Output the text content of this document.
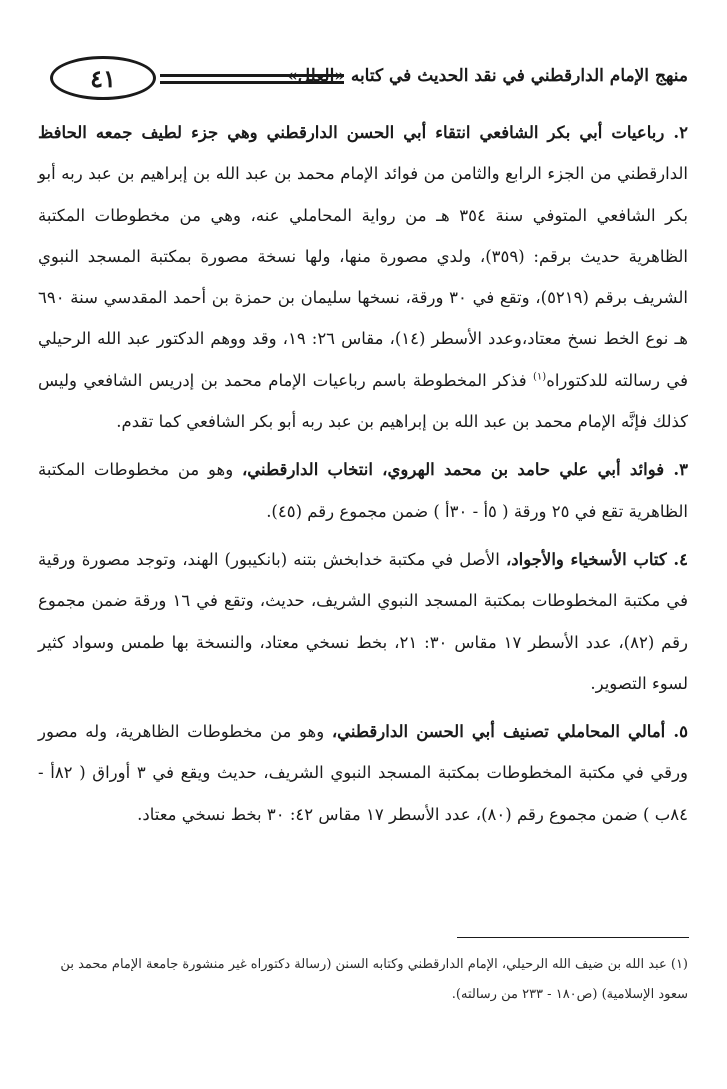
٤١	منهج الإمام الدارقطني في نقد الحديث في كتابه «العلل»

٢. رباعيات أبي بكر الشافعي انتقاء أبي الحسن الدارقطني وهي جزء لطيف جمعه الحافظ الدارقطني من الجزء الرابع والثامن من فوائد الإمام محمد بن عبد الله بن إبراهيم بن عبد ربه أبو بكر الشافعي المتوفي سنة ٣٥٤ هـ من رواية المحاملي عنه، وهي من مخطوطات المكتبة الظاهرية حديث برقم: (٣٥٩)، ولدي مصورة منها، ولها نسخة مصورة بمكتبة المسجد النبوي الشريف برقم (٥٢١٩)، وتقع في ٣٠ ورقة، نسخها سليمان بن حمزة بن أحمد المقدسي سنة ٦٩٠ هـ نوع الخط نسخ معتاد،وعدد الأسطر (١٤)، مقاس ٢٦: ١٩، وقد ووهم الدكتور عبد الله الرحيلي في رسالته للدكتوراه$^{(١)}$ فذكر المخطوطة باسم رباعيات الإمام محمد بن إدريس الشافعي وليس كذلك فإنَّه الإمام محمد بن عبد الله بن إبراهيم بن عبد ربه أبو بكر الشافعي كما تقدم.

٣. فوائد أبي علي حامد بن محمد الهروي، انتخاب الدارقطني، وهو من مخطوطات المكتبة الظاهرية تقع في ٢٥ ورقة ( ٥أ - ٣٠أ ) ضمن مجموع رقم (٤٥).

٤. كتاب الأسخياء والأجواد، الأصل في مكتبة خدابخش بتنه (بانكيبور) الهند، وتوجد مصورة ورقية في مكتبة المخطوطات بمكتبة المسجد النبوي الشريف، حديث، وتقع في ١٦ ورقة ضمن مجموع رقم (٨٢)، عدد الأسطر ١٧ مقاس ٣٠: ٢١، بخط نسخي معتاد، والنسخة بها طمس وسواد كثير لسوء التصوير.

٥. أمالي المحاملي تصنيف أبي الحسن الدارقطني، وهو من مخطوطات الظاهرية، وله مصور ورقي في مكتبة المخطوطات بمكتبة المسجد النبوي الشريف، حديث ويقع في ٣ أوراق ( ٨٢أ - ٨٤ب ) ضمن مجموع رقم (٨٠)، عدد الأسطر ١٧ مقاس ٤٢: ٣٠ بخط نسخي معتاد.

(١) عبد الله بن ضيف الله الرحيلي، الإمام الدارقطني وكتابه السنن (رسالة دكتوراه غير منشورة جامعة الإمام محمد بن سعود الإسلامية) (ص١٨٠ - ٢٣٣ من رسالته).
